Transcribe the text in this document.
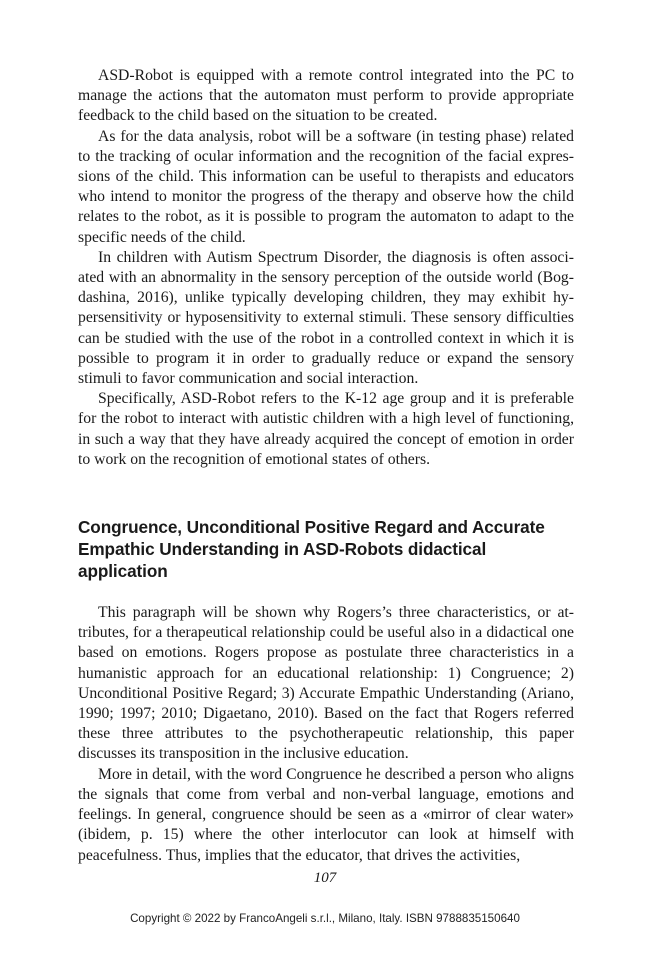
ASD-Robot is equipped with a remote control integrated into the PC to manage the actions that the automaton must perform to provide appropriate feedback to the child based on the situation to be created.

As for the data analysis, robot will be a software (in testing phase) related to the tracking of ocular information and the recognition of the facial expressions of the child. This information can be useful to therapists and educators who intend to monitor the progress of the therapy and observe how the child relates to the robot, as it is possible to program the automaton to adapt to the specific needs of the child.

In children with Autism Spectrum Disorder, the diagnosis is often associated with an abnormality in the sensory perception of the outside world (Bogdashina, 2016), unlike typically developing children, they may exhibit hypersensitivity or hyposensitivity to external stimuli. These sensory difficulties can be studied with the use of the robot in a controlled context in which it is possible to program it in order to gradually reduce or expand the sensory stimuli to favor communication and social interaction.

Specifically, ASD-Robot refers to the K-12 age group and it is preferable for the robot to interact with autistic children with a high level of functioning, in such a way that they have already acquired the concept of emotion in order to work on the recognition of emotional states of others.

Congruence, Unconditional Positive Regard and Accurate
Empathic Understanding in ASD-Robots didactical application

This paragraph will be shown why Rogers’s three characteristics, or attributes, for a therapeutical relationship could be useful also in a didactical one based on emotions. Rogers propose as postulate three characteristics in a humanistic approach for an educational relationship: 1) Congruence; 2) Unconditional Positive Regard; 3) Accurate Empathic Understanding (Ariano, 1990; 1997; 2010; Digaetano, 2010). Based on the fact that Rogers referred these three attributes to the psychotherapeutic relationship, this paper discusses its transposition in the inclusive education.

More in detail, with the word Congruence he described a person who aligns the signals that come from verbal and non-verbal language, emotions and feelings. In general, congruence should be seen as a «mirror of clear water» (ibidem, p. 15) where the other interlocutor can look at himself with peacefulness. Thus, implies that the educator, that drives the activities,

107
Copyright © 2022 by FrancoAngeli s.r.l., Milano, Italy. ISBN 9788835150640
